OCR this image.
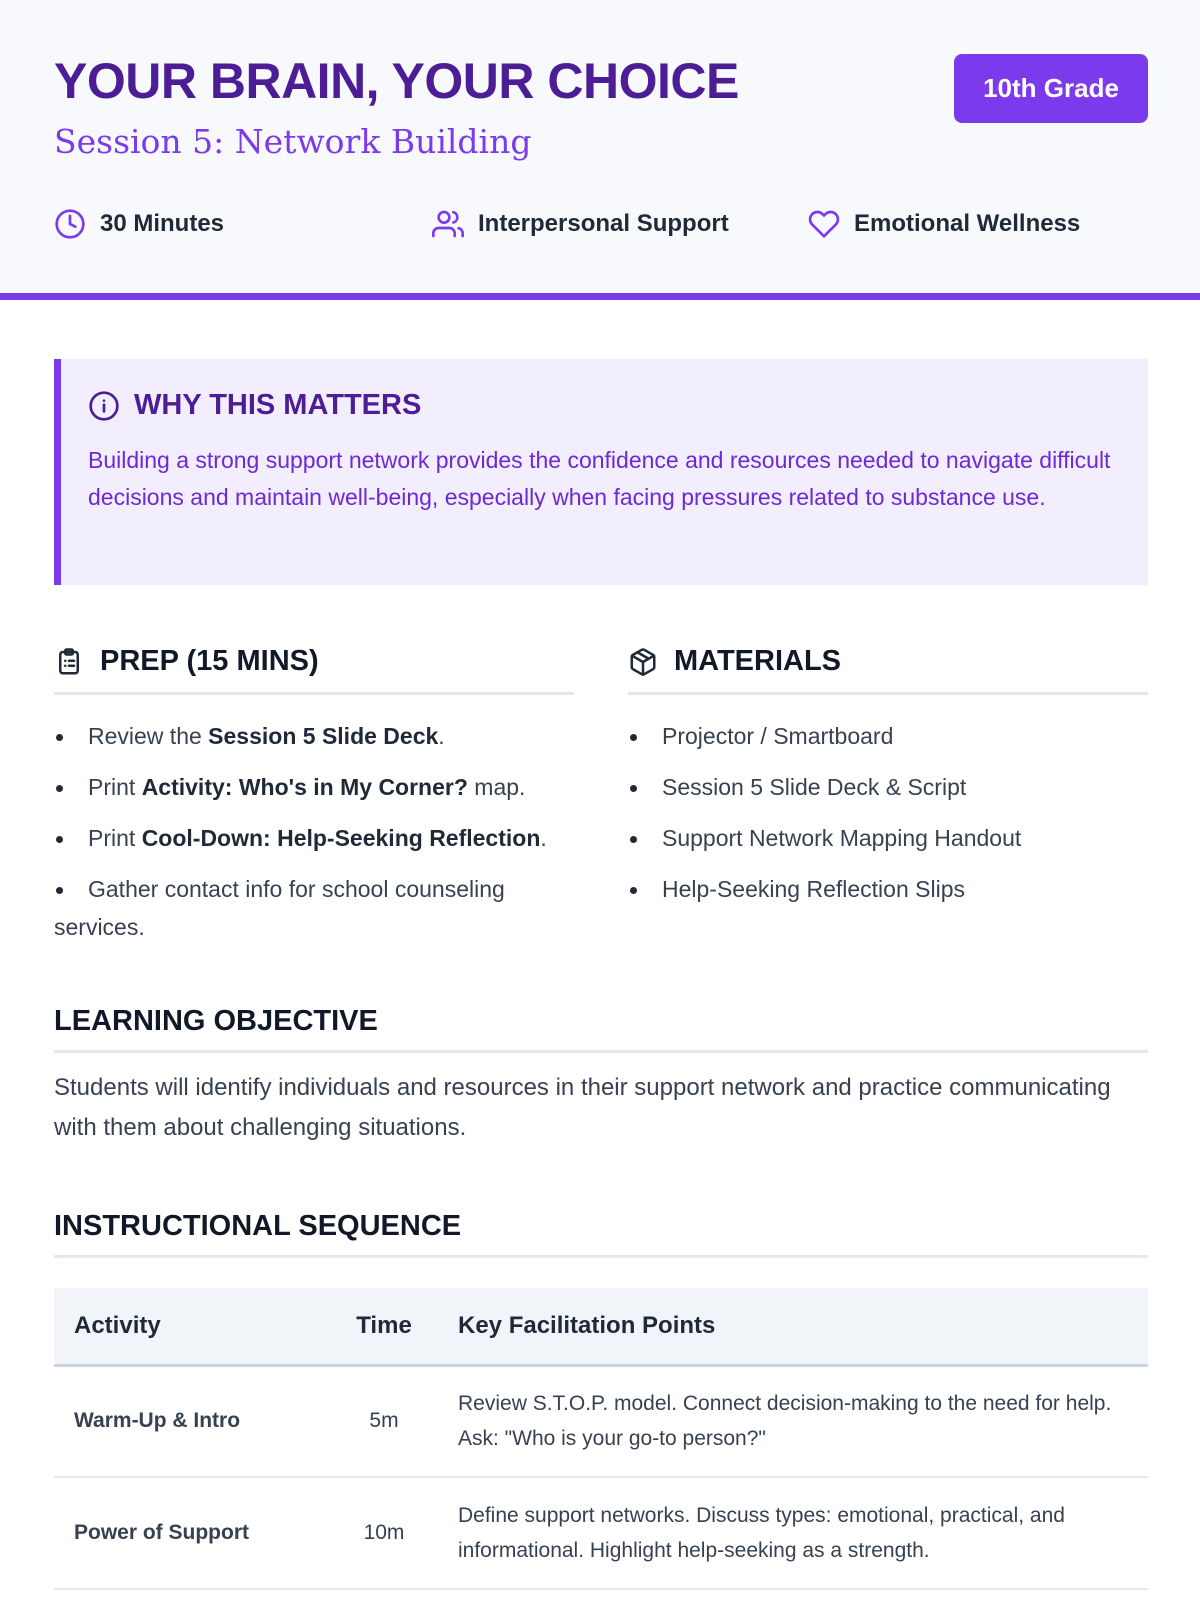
YOUR BRAIN, YOUR CHOICE
Session 5: Network Building
10th Grade
30 Minutes	Interpersonal Support	Emotional Wellness
WHY THIS MATTERS

Building a strong support network provides the confidence and resources needed to navigate difficult decisions and maintain well-being, especially when facing pressures related to substance use.

PREP (15 MINS)
Review the Session 5 Slide Deck.
Print Activity: Who's in My Corner? map.
Print Cool-Down: Help-Seeking Reflection.
Gather contact info for school counseling services.
MATERIALS
Projector / Smartboard
Session 5 Slide Deck & Script
Support Network Mapping Handout
Help-Seeking Reflection Slips
LEARNING OBJECTIVE

Students will identify individuals and resources in their support network and practice communicating with them about challenging situations.

INSTRUCTIONAL SEQUENCE
Activity	Time	Key Facilitation Points
Warm-Up & Intro	5m	Review S.T.O.P. model. Connect decision-making to the need for help. Ask: "Who is your go-to person?"
Power of Support	10m	Define support networks. Discuss types: emotional, practical, and informational. Highlight help-seeking as a strength.
